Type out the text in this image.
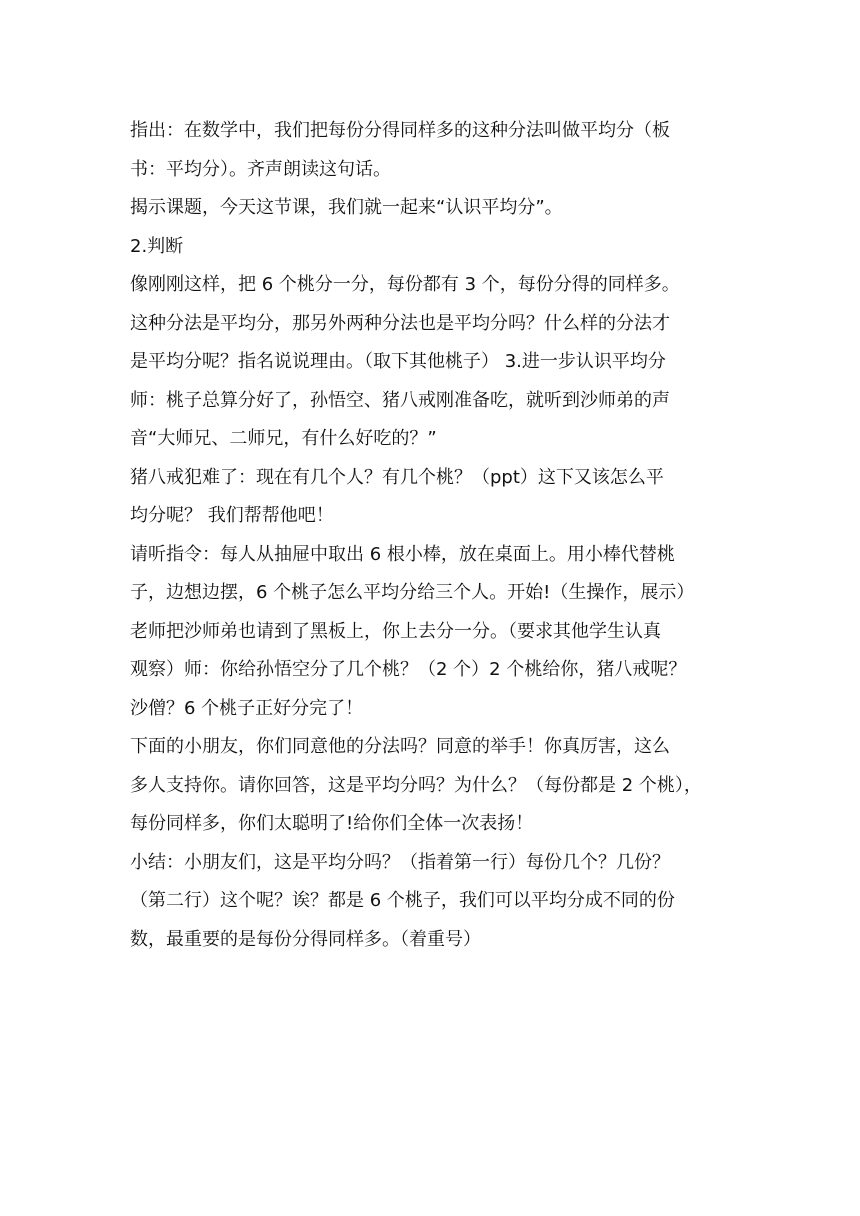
指出：在数学中，我们把每份分得同样多的这种分法叫做平均分（板
书：平均分）。齐声朗读这句话。
揭示课题，今天这节课，我们就一起来“认识平均分”。
2.判断
像刚刚这样，把 6 个桃分一分，每份都有 3 个，每份分得的同样多。
这种分法是平均分，那另外两种分法也是平均分吗？什么样的分法才
是平均分呢？指名说说理由。（取下其他桃子） 3.进一步认识平均分
师：桃子总算分好了，孙悟空、猪八戒刚准备吃，就听到沙师弟的声
音“大师兄、二师兄，有什么好吃的？”
猪八戒犯难了：现在有几个人？有几个桃？（ppt）这下又该怎么平
均分呢？ 我们帮帮他吧！
请听指令：每人从抽屉中取出 6 根小棒，放在桌面上。用小棒代替桃
子，边想边摆，6 个桃子怎么平均分给三个人。开始!（生操作，展示）
老师把沙师弟也请到了黑板上，你上去分一分。（要求其他学生认真
观察）师：你给孙悟空分了几个桃？（2 个）2 个桃给你，猪八戒呢？
沙僧？6 个桃子正好分完了！
下面的小朋友，你们同意他的分法吗？同意的举手！你真厉害，这么
多人支持你。请你回答，这是平均分吗？为什么？（每份都是 2 个桃），
每份同样多，你们太聪明了!给你们全体一次表扬！
小结：小朋友们，这是平均分吗？（指着第一行）每份几个？几份？
（第二行）这个呢？诶？都是 6 个桃子，我们可以平均分成不同的份
数，最重要的是每份分得同样多。（着重号）
